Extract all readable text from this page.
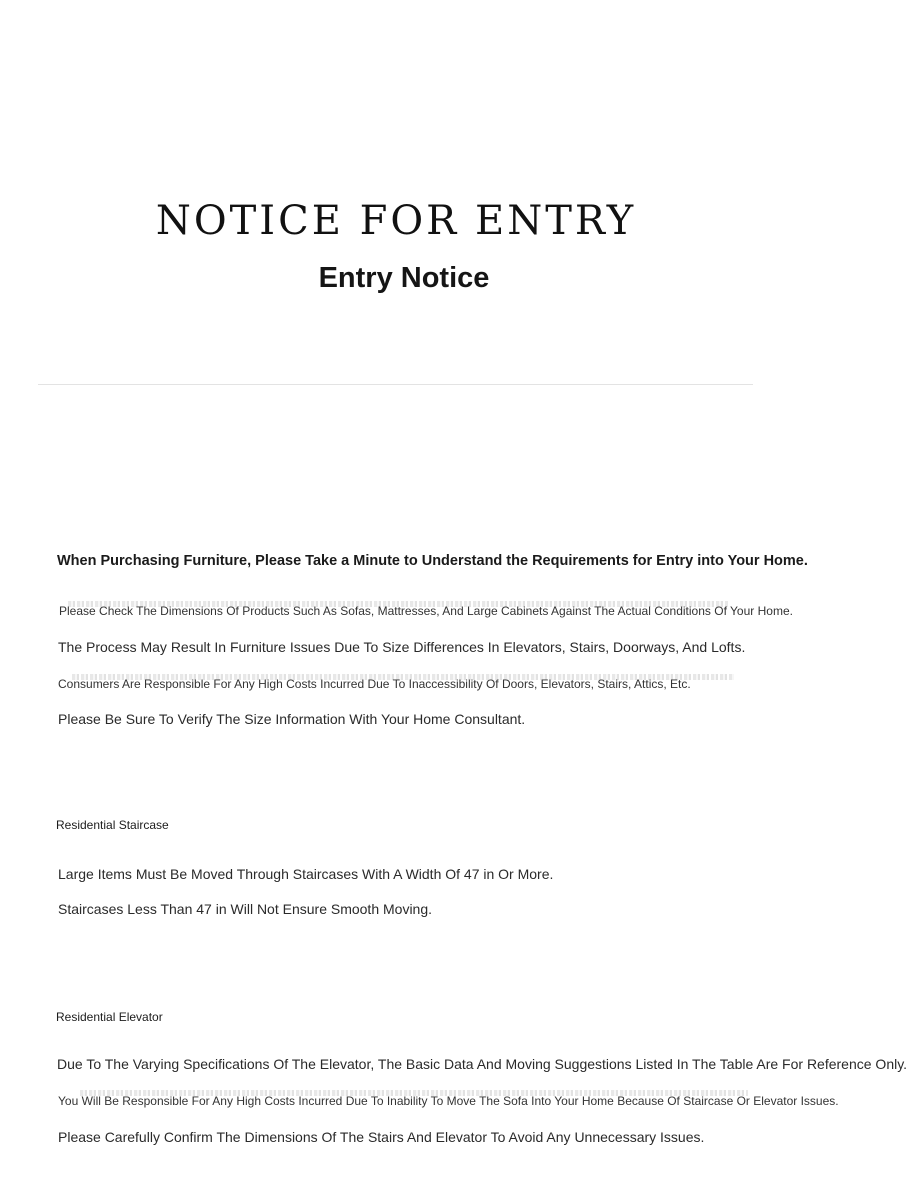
NOTICE FOR ENTRY
Entry Notice

When Purchasing Furniture, Please Take a Minute to Understand the Requirements for Entry into Your Home.

Please Check The Dimensions Of Products Such As Sofas, Mattresses, And Large Cabinets Against The Actual Conditions Of Your Home.

The Process May Result In Furniture Issues Due To Size Differences In Elevators, Stairs, Doorways, And Lofts.

Consumers Are Responsible For Any High Costs Incurred Due To Inaccessibility Of Doors, Elevators, Stairs, Attics, Etc.

Please Be Sure To Verify The Size Information With Your Home Consultant.

Residential Staircase

Large Items Must Be Moved Through Staircases With A Width Of 47 in Or More.

Staircases Less Than 47 in Will Not Ensure Smooth Moving.

Residential Elevator

Due To The Varying Specifications Of The Elevator, The Basic Data And Moving Suggestions Listed In The Table Are For Reference Only.

You Will Be Responsible For Any High Costs Incurred Due To Inability To Move The Sofa Into Your Home Because Of Staircase Or Elevator Issues.

Please Carefully Confirm The Dimensions Of The Stairs And Elevator To Avoid Any Unnecessary Issues.
